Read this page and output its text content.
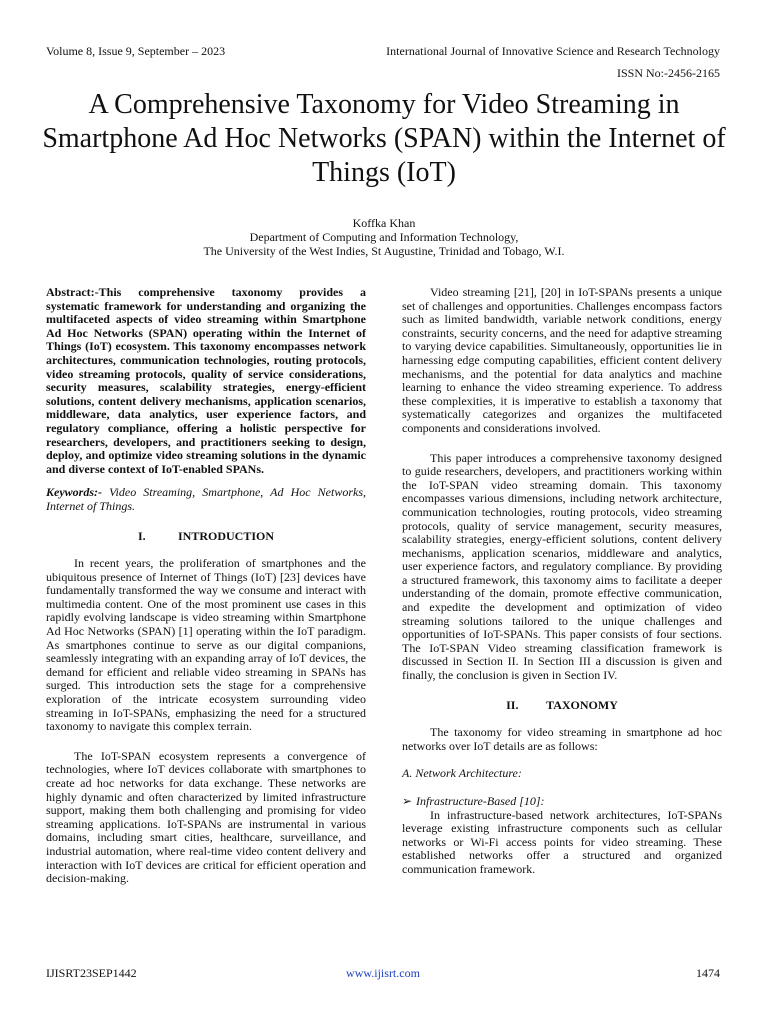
Volume 8, Issue 9, September – 2023	International Journal of Innovative Science and Research Technology
ISSN No:-2456-2165
A Comprehensive Taxonomy for Video Streaming in Smartphone Ad Hoc Networks (SPAN) within the Internet of Things (IoT)
Koffka Khan
Department of Computing and Information Technology,
The University of the West Indies, St Augustine, Trinidad and Tobago, W.I.

Abstract:-This comprehensive taxonomy provides a systematic framework for understanding and organizing the multifaceted aspects of video streaming within Smartphone Ad Hoc Networks (SPAN) operating within the Internet of Things (IoT) ecosystem. This taxonomy encompasses network architectures, communication technologies, routing protocols, video streaming protocols, quality of service considerations, security measures, scalability strategies, energy-efficient solutions, content delivery mechanisms, application scenarios, middleware, data analytics, user experience factors, and regulatory compliance, offering a holistic perspective for researchers, developers, and practitioners seeking to design, deploy, and optimize video streaming solutions in the dynamic and diverse context of IoT-enabled SPANs.

Keywords:- Video Streaming, Smartphone, Ad Hoc Networks, Internet of Things.

I.	INTRODUCTION

In recent years, the proliferation of smartphones and the ubiquitous presence of Internet of Things (IoT) [23] devices have fundamentally transformed the way we consume and interact with multimedia content. One of the most prominent use cases in this rapidly evolving landscape is video streaming within Smartphone Ad Hoc Networks (SPAN) [1] operating within the IoT paradigm. As smartphones continue to serve as our digital companions, seamlessly integrating with an expanding array of IoT devices, the demand for efficient and reliable video streaming in SPANs has surged. This introduction sets the stage for a comprehensive exploration of the intricate ecosystem surrounding video streaming in IoT-SPANs, emphasizing the need for a structured taxonomy to navigate this complex terrain.

The IoT-SPAN ecosystem represents a convergence of technologies, where IoT devices collaborate with smartphones to create ad hoc networks for data exchange. These networks are highly dynamic and often characterized by limited infrastructure support, making them both challenging and promising for video streaming applications. IoT-SPANs are instrumental in various domains, including smart cities, healthcare, surveillance, and industrial automation, where real-time video content delivery and interaction with IoT devices are critical for efficient operation and decision-making.

Video streaming [21], [20] in IoT-SPANs presents a unique set of challenges and opportunities. Challenges encompass factors such as limited bandwidth, variable network conditions, energy constraints, security concerns, and the need for adaptive streaming to varying device capabilities. Simultaneously, opportunities lie in harnessing edge computing capabilities, efficient content delivery mechanisms, and the potential for data analytics and machine learning to enhance the video streaming experience. To address these complexities, it is imperative to establish a taxonomy that systematically categorizes and organizes the multifaceted components and considerations involved.

This paper introduces a comprehensive taxonomy designed to guide researchers, developers, and practitioners working within the IoT-SPAN video streaming domain. This taxonomy encompasses various dimensions, including network architecture, communication technologies, routing protocols, video streaming protocols, quality of service management, security measures, scalability strategies, energy-efficient solutions, content delivery mechanisms, application scenarios, middleware and analytics, user experience factors, and regulatory compliance. By providing a structured framework, this taxonomy aims to facilitate a deeper understanding of the domain, promote effective communication, and expedite the development and optimization of video streaming solutions tailored to the unique challenges and opportunities of IoT-SPANs. This paper consists of four sections. The IoT-SPAN Video streaming classification framework is discussed in Section II. In Section III a discussion is given and finally, the conclusion is given in Section IV.

II. TAXONOMY

The taxonomy for video streaming in smartphone ad hoc networks over IoT details are as follows:

A. Network Architecture:

➢ Infrastructure-Based [10]:

In infrastructure-based network architectures, IoT-SPANs leverage existing infrastructure components such as cellular networks or Wi-Fi access points for video streaming. These established networks offer a structured and organized communication framework.

IJISRT23SEP1442	www.ijisrt.com	1474
